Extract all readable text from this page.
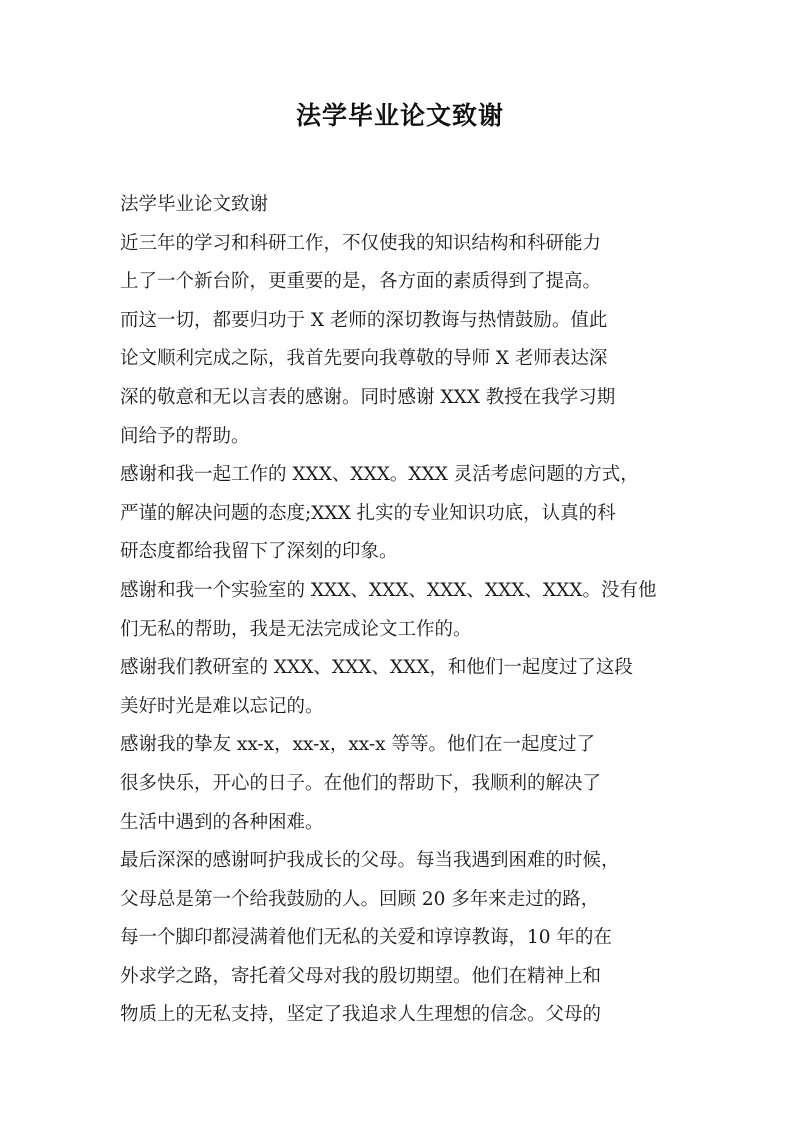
法学毕业论文致谢
法学毕业论文致谢
近三年的学习和科研工作，不仅使我的知识结构和科研能力
上了一个新台阶，更重要的是，各方面的素质得到了提高。
而这一切，都要归功于 X 老师的深切教诲与热情鼓励。值此
论文顺利完成之际，我首先要向我尊敬的导师 X 老师表达深
深的敬意和无以言表的感谢。同时感谢 XXX 教授在我学习期
间给予的帮助。
感谢和我一起工作的 XXX、XXX。XXX 灵活考虑问题的方式，
严谨的解决问题的态度;XXX 扎实的专业知识功底，认真的科
研态度都给我留下了深刻的印象。
感谢和我一个实验室的 XXX、XXX、XXX、XXX、XXX。没有他
们无私的帮助，我是无法完成论文工作的。
感谢我们教研室的 XXX、XXX、XXX，和他们一起度过了这段
美好时光是难以忘记的。
感谢我的挚友 xx-x，xx-x，xx-x 等等。他们在一起度过了
很多快乐，开心的日子。在他们的帮助下，我顺利的解决了
生活中遇到的各种困难。
最后深深的感谢呵护我成长的父母。每当我遇到困难的时候，
父母总是第一个给我鼓励的人。回顾 20 多年来走过的路，
每一个脚印都浸满着他们无私的关爱和谆谆教诲，10 年的在
外求学之路，寄托着父母对我的殷切期望。他们在精神上和
物质上的无私支持，坚定了我追求人生理想的信念。父母的
